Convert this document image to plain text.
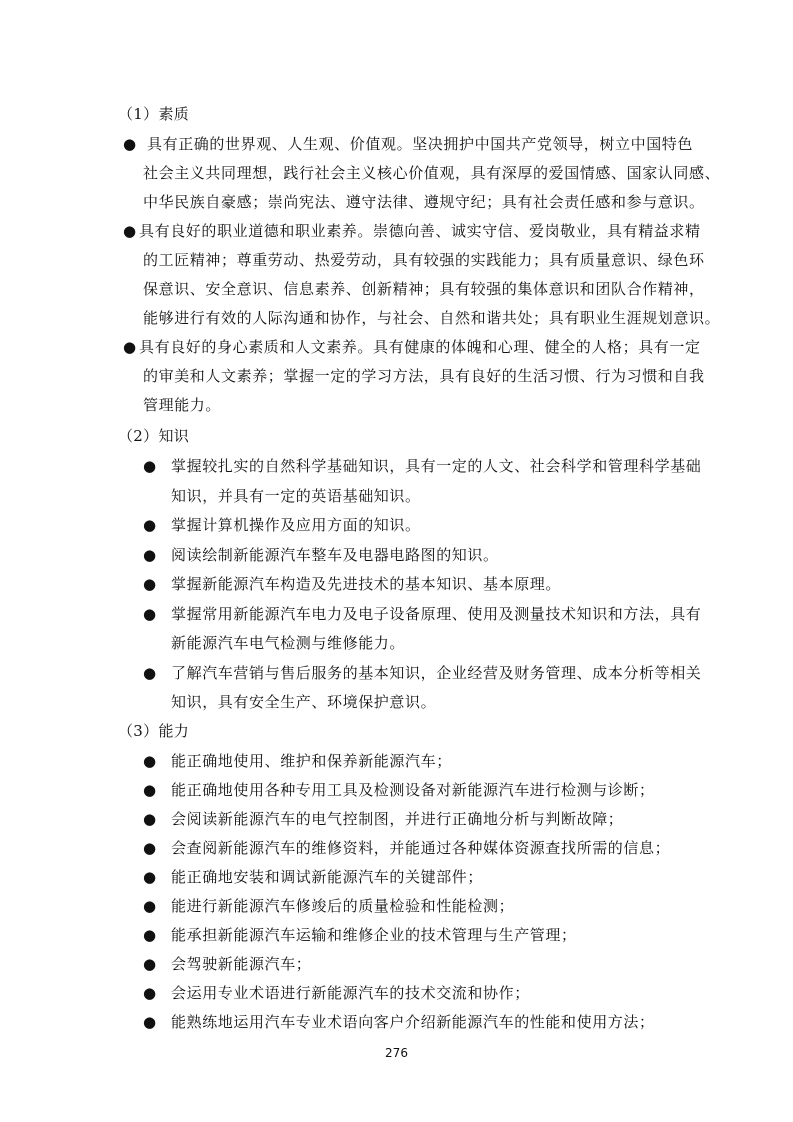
（1）素质
● 具有正确的世界观、人生观、价值观。坚决拥护中国共产党领导，树立中国特色
社会主义共同理想，践行社会主义核心价值观，具有深厚的爱国情感、国家认同感、
中华民族自豪感；崇尚宪法、遵守法律、遵规守纪；具有社会责任感和参与意识。
● 具有良好的职业道德和职业素养。崇德向善、诚实守信、爱岗敬业，具有精益求精
的工匠精神；尊重劳动、热爱劳动，具有较强的实践能力；具有质量意识、绿色环
保意识、安全意识、信息素养、创新精神；具有较强的集体意识和团队合作精神，
能够进行有效的人际沟通和协作，与社会、自然和谐共处；具有职业生涯规划意识。
● 具有良好的身心素质和人文素养。具有健康的体魄和心理、健全的人格；具有一定
的审美和人文素养；掌握一定的学习方法，具有良好的生活习惯、行为习惯和自我
管理能力。
（2）知识
● 掌握较扎实的自然科学基础知识，具有一定的人文、社会科学和管理科学基础
知识，并具有一定的英语基础知识。
● 掌握计算机操作及应用方面的知识。
● 阅读绘制新能源汽车整车及电器电路图的知识。
● 掌握新能源汽车构造及先进技术的基本知识、基本原理。
● 掌握常用新能源汽车电力及电子设备原理、使用及测量技术知识和方法，具有
新能源汽车电气检测与维修能力。
● 了解汽车营销与售后服务的基本知识，企业经营及财务管理、成本分析等相关
知识，具有安全生产、环境保护意识。
（3）能力
● 能正确地使用、维护和保养新能源汽车；
● 能正确地使用各种专用工具及检测设备对新能源汽车进行检测与诊断；
● 会阅读新能源汽车的电气控制图，并进行正确地分析与判断故障；
● 会查阅新能源汽车的维修资料，并能通过各种媒体资源查找所需的信息；
● 能正确地安装和调试新能源汽车的关键部件；
● 能进行新能源汽车修竣后的质量检验和性能检测；
● 能承担新能源汽车运输和维修企业的技术管理与生产管理；
● 会驾驶新能源汽车；
● 会运用专业术语进行新能源汽车的技术交流和协作；
● 能熟练地运用汽车专业术语向客户介绍新能源汽车的性能和使用方法；
276
